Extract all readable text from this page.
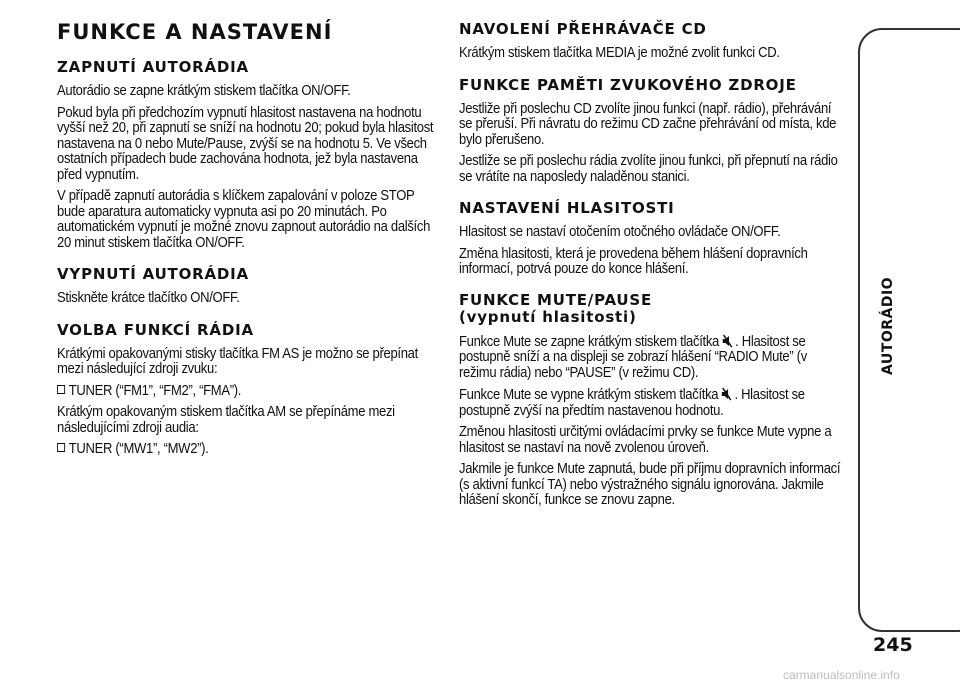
FUNKCE A NASTAVENÍ
ZAPNUTÍ AUTORÁDIA

Autorádio se zapne krátkým stiskem tlačítka ON/OFF.

Pokud byla při předchozím vypnutí hlasitost nastavena na hodnotu vyšší než 20, při zapnutí se sníží na hodnotu 20; pokud byla hlasitost nastavena na 0 nebo Mute/Pause, zvýší se na hodnotu 5. Ve všech ostatních případech bude zachována hodnota, jež byla nastavena před vypnutím.

V případě zapnutí autorádia s klíčkem zapalování v poloze STOP bude aparatura automaticky vypnuta asi po 20 minutách. Po automatickém vypnutí je možné znovu zapnout autorádio na dalších 20 minut stiskem tlačítka ON/OFF.

VYPNUTÍ AUTORÁDIA

Stiskněte krátce tlačítko ON/OFF.

VOLBA FUNKCÍ RÁDIA

Krátkými opakovanými stisky tlačítka FM AS je možno se přepínat mezi následující zdroji zvuku:

TUNER (“FM1”, “FM2”, “FMA”).

Krátkým opakovaným stiskem tlačítka AM se přepínáme mezi následujícími zdroji audia:

TUNER (“MW1”, “MW2”).

NAVOLENÍ PŘEHRÁVAČE CD

Krátkým stiskem tlačítka MEDIA je možné zvolit funkci CD.

FUNKCE PAMĚTI ZVUKOVÉHO ZDROJE

Jestliže při poslechu CD zvolíte jinou funkci (např. rádio), přehrávání se přeruší. Při návratu do režimu CD začne přehrávání od místa, kde bylo přerušeno.

Jestliže se při poslechu rádia zvolíte jinou funkci, při přepnutí na rádio se vrátíte na naposledy naladěnou stanici.

NASTAVENÍ HLASITOSTI

Hlasitost se nastaví otočením otočného ovládače ON/OFF.

Změna hlasitosti, která je provedena během hlášení dopravních informací, potrvá pouze do konce hlášení.

FUNKCE MUTE/PAUSE
(vypnutí hlasitosti)

Funkce Mute se zapne krátkým stiskem tlačítka . Hlasitost se postupně sníží a na displeji se zobrazí hlášení “RADIO Mute” (v režimu rádia) nebo “PAUSE” (v režimu CD).

Funkce Mute se vypne krátkým stiskem tlačítka . Hlasitost se postupně zvýší na předtím nastavenou hodnotu.

Změnou hlasitosti určitými ovládacími prvky se funkce Mute vypne a hlasitost se nastaví na nově zvolenou úroveň.

Jakmile je funkce Mute zapnutá, bude při příjmu dopravních informací (s aktivní funkcí TA) nebo výstražného signálu ignorována. Jakmile hlášení skončí, funkce se znovu zapne.

AUTORÁDIO
245
carmanualsonline.info
